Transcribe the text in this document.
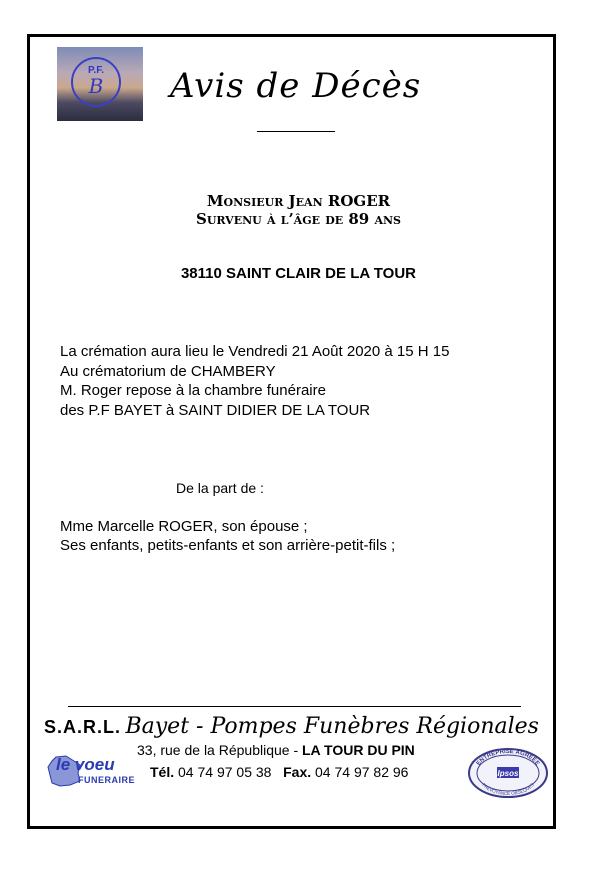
P.F.
B	Avis de Décès
Monsieur Jean ROGER
Survenu à l’âge de 89 ans
38110 SAINT CLAIR DE LA TOUR
La crémation aura lieu le Vendredi 21 Août 2020 à 15 H 15
Au crématorium de CHAMBERY
M. Roger repose à la chambre funéraire
des P.F BAYET à SAINT DIDIER DE LA TOUR
De la part de :
Mme Marcelle ROGER, son épouse ;
Ses enfants, petits-enfants et son arrière-petit-fils ;
S.A.R.L. Bayet - Pompes Funèbres Régionales
33, rue de la République - LA TOUR DU PIN
Tél. 04 74 97 05 38 Fax. 04 74 97 82 96
le voeu
FUNERAIRE
ENTREPRISE AGRÉÉE
Ipsos
PRÉVOYANCE OBSÈQUES
